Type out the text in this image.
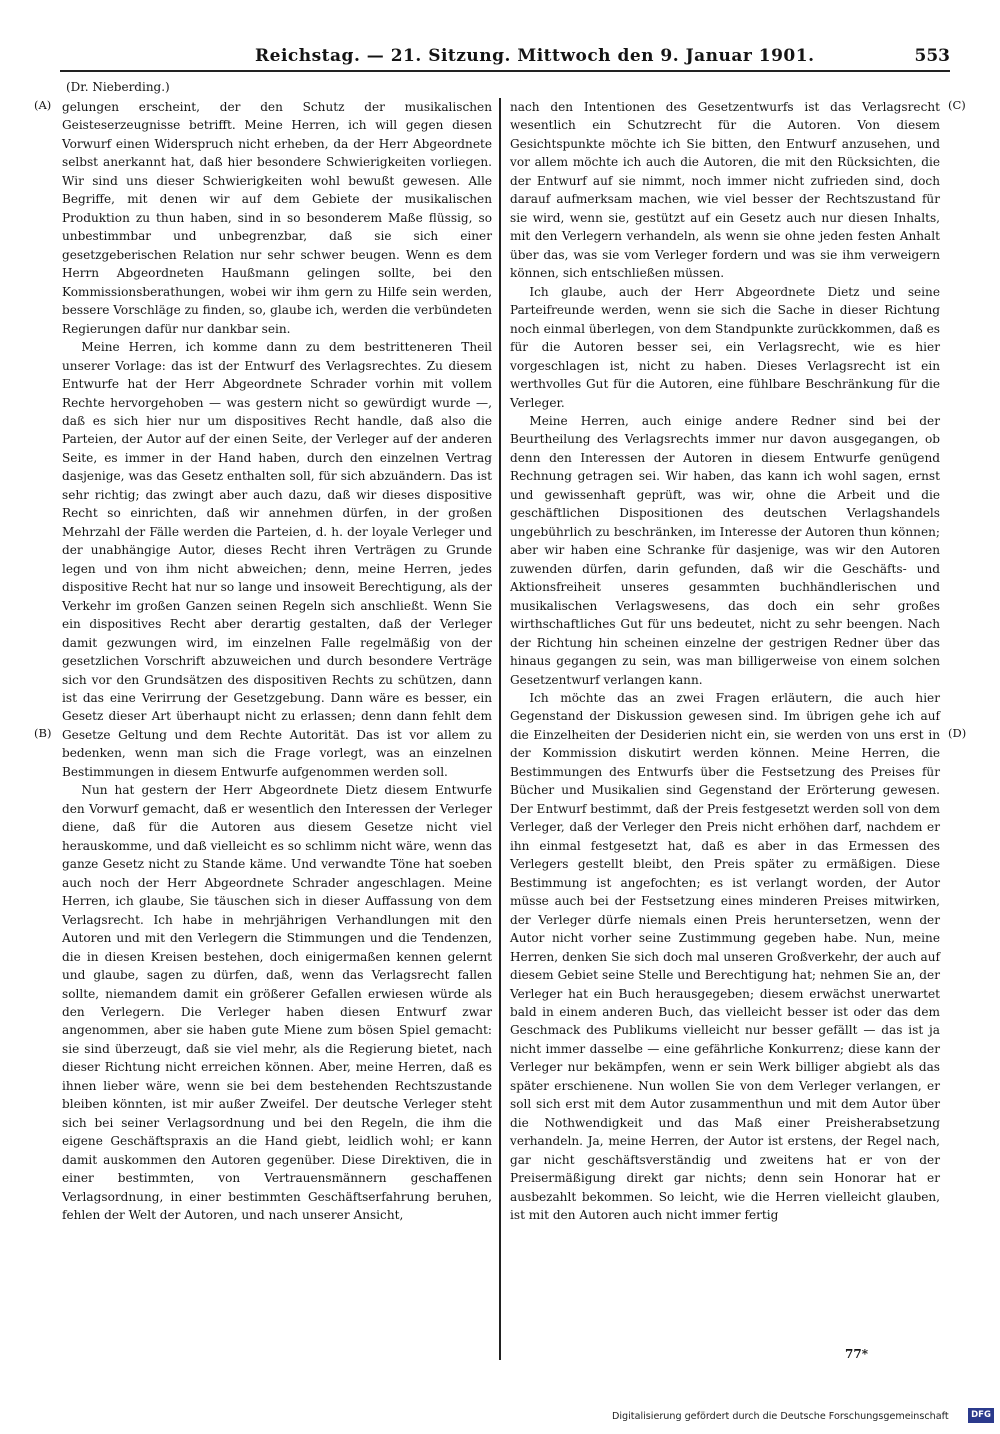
Reichstag. — 21. Sitzung. Mittwoch den 9. Januar 1901.	553
(Dr. Nieberding.)
(A)
(B)
(C)
(D)

gelungen erscheint, der den Schutz der musikalischen Geisteserzeugnisse betrifft. Meine Herren, ich will gegen diesen Vorwurf einen Widerspruch nicht erheben, da der Herr Abgeordnete selbst anerkannt hat, daß hier besondere Schwierigkeiten vorliegen. Wir sind uns dieser Schwierigkeiten wohl bewußt gewesen. Alle Begriffe, mit denen wir auf dem Gebiete der musikalischen Produktion zu thun haben, sind in so besonderem Maße flüssig, so unbestimmbar und unbegrenzbar, daß sie sich einer gesetzgeberischen Relation nur sehr schwer beugen. Wenn es dem Herrn Abgeordneten Haußmann gelingen sollte, bei den Kommissionsberathungen, wobei wir ihm gern zu Hilfe sein werden, bessere Vorschläge zu finden, so, glaube ich, werden die verbündeten Regierungen dafür nur dankbar sein.

Meine Herren, ich komme dann zu dem bestritteneren Theil unserer Vorlage: das ist der Entwurf des Verlagsrechtes. Zu diesem Entwurfe hat der Herr Abgeordnete Schrader vorhin mit vollem Rechte hervorgehoben — was gestern nicht so gewürdigt wurde —, daß es sich hier nur um dispositives Recht handle, daß also die Parteien, der Autor auf der einen Seite, der Verleger auf der anderen Seite, es immer in der Hand haben, durch den einzelnen Vertrag dasjenige, was das Gesetz enthalten soll, für sich abzuändern. Das ist sehr richtig; das zwingt aber auch dazu, daß wir dieses dispositive Recht so einrichten, daß wir annehmen dürfen, in der großen Mehrzahl der Fälle werden die Parteien, d. h. der loyale Verleger und der unabhängige Autor, dieses Recht ihren Verträgen zu Grunde legen und von ihm nicht abweichen; denn, meine Herren, jedes dispositive Recht hat nur so lange und insoweit Berechtigung, als der Verkehr im großen Ganzen seinen Regeln sich anschließt. Wenn Sie ein dispositives Recht aber derartig gestalten, daß der Verleger damit gezwungen wird, im einzelnen Falle regelmäßig von der gesetzlichen Vorschrift abzuweichen und durch besondere Verträge sich vor den Grundsätzen des dispositiven Rechts zu schützen, dann ist das eine Verirrung der Gesetzgebung. Dann wäre es besser, ein Gesetz dieser Art überhaupt nicht zu erlassen; denn dann fehlt dem Gesetze Geltung und dem Rechte Autorität. Das ist vor allem zu bedenken, wenn man sich die Frage vorlegt, was an einzelnen Bestimmungen in diesem Entwurfe aufgenommen werden soll.

Nun hat gestern der Herr Abgeordnete Dietz diesem Entwurfe den Vorwurf gemacht, daß er wesentlich den Interessen der Verleger diene, daß für die Autoren aus diesem Gesetze nicht viel herauskomme, und daß vielleicht es so schlimm nicht wäre, wenn das ganze Gesetz nicht zu Stande käme. Und verwandte Töne hat soeben auch noch der Herr Abgeordnete Schrader angeschlagen. Meine Herren, ich glaube, Sie täuschen sich in dieser Auffassung von dem Verlagsrecht. Ich habe in mehrjährigen Verhandlungen mit den Autoren und mit den Verlegern die Stimmungen und die Tendenzen, die in diesen Kreisen bestehen, doch einigermaßen kennen gelernt und glaube, sagen zu dürfen, daß, wenn das Verlagsrecht fallen sollte, niemandem damit ein größerer Gefallen erwiesen würde als den Verlegern. Die Verleger haben diesen Entwurf zwar angenommen, aber sie haben gute Miene zum bösen Spiel gemacht: sie sind überzeugt, daß sie viel mehr, als die Regierung bietet, nach dieser Richtung nicht erreichen können. Aber, meine Herren, daß es ihnen lieber wäre, wenn sie bei dem bestehenden Rechtszustande bleiben könnten, ist mir außer Zweifel. Der deutsche Verleger steht sich bei seiner Verlagsordnung und bei den Regeln, die ihm die eigene Geschäftspraxis an die Hand giebt, leidlich wohl; er kann damit auskommen den Autoren gegenüber. Diese Direktiven, die in einer bestimmten, von Vertrauensmännern geschaffenen Verlagsordnung, in einer bestimmten Geschäftserfahrung beruhen, fehlen der Welt der Autoren, und nach unserer Ansicht,

nach den Intentionen des Gesetzentwurfs ist das Verlagsrecht wesentlich ein Schutzrecht für die Autoren. Von diesem Gesichtspunkte möchte ich Sie bitten, den Entwurf anzusehen, und vor allem möchte ich auch die Autoren, die mit den Rücksichten, die der Entwurf auf sie nimmt, noch immer nicht zufrieden sind, doch darauf aufmerksam machen, wie viel besser der Rechtszustand für sie wird, wenn sie, gestützt auf ein Gesetz auch nur diesen Inhalts, mit den Verlegern verhandeln, als wenn sie ohne jeden festen Anhalt über das, was sie vom Verleger fordern und was sie ihm verweigern können, sich entschließen müssen.

Ich glaube, auch der Herr Abgeordnete Dietz und seine Parteifreunde werden, wenn sie sich die Sache in dieser Richtung noch einmal überlegen, von dem Standpunkte zurückkommen, daß es für die Autoren besser sei, ein Verlagsrecht, wie es hier vorgeschlagen ist, nicht zu haben. Dieses Verlagsrecht ist ein werthvolles Gut für die Autoren, eine fühlbare Beschränkung für die Verleger.

Meine Herren, auch einige andere Redner sind bei der Beurtheilung des Verlagsrechts immer nur davon ausgegangen, ob denn den Interessen der Autoren in diesem Entwurfe genügend Rechnung getragen sei. Wir haben, das kann ich wohl sagen, ernst und gewissenhaft geprüft, was wir, ohne die Arbeit und die geschäftlichen Dispositionen des deutschen Verlagshandels ungebührlich zu beschränken, im Interesse der Autoren thun können; aber wir haben eine Schranke für dasjenige, was wir den Autoren zuwenden dürfen, darin gefunden, daß wir die Geschäfts- und Aktionsfreiheit unseres gesammten buchhändlerischen und musikalischen Verlagswesens, das doch ein sehr großes wirthschaftliches Gut für uns bedeutet, nicht zu sehr beengen. Nach der Richtung hin scheinen einzelne der gestrigen Redner über das hinaus gegangen zu sein, was man billigerweise von einem solchen Gesetzentwurf verlangen kann.

Ich möchte das an zwei Fragen erläutern, die auch hier Gegenstand der Diskussion gewesen sind. Im übrigen gehe ich auf die Einzelheiten der Desiderien nicht ein, sie werden von uns erst in der Kommission diskutirt werden können. Meine Herren, die Bestimmungen des Entwurfs über die Festsetzung des Preises für Bücher und Musikalien sind Gegenstand der Erörterung gewesen. Der Entwurf bestimmt, daß der Preis festgesetzt werden soll von dem Verleger, daß der Verleger den Preis nicht erhöhen darf, nachdem er ihn einmal festgesetzt hat, daß es aber in das Ermessen des Verlegers gestellt bleibt, den Preis später zu ermäßigen. Diese Bestimmung ist angefochten; es ist verlangt worden, der Autor müsse auch bei der Festsetzung eines minderen Preises mitwirken, der Verleger dürfe niemals einen Preis heruntersetzen, wenn der Autor nicht vorher seine Zustimmung gegeben habe. Nun, meine Herren, denken Sie sich doch mal unseren Großverkehr, der auch auf diesem Gebiet seine Stelle und Berechtigung hat; nehmen Sie an, der Verleger hat ein Buch herausgegeben; diesem erwächst unerwartet bald in einem anderen Buch, das vielleicht besser ist oder das dem Geschmack des Publikums vielleicht nur besser gefällt — das ist ja nicht immer dasselbe — eine gefährliche Konkurrenz; diese kann der Verleger nur bekämpfen, wenn er sein Werk billiger abgiebt als das später erschienene. Nun wollen Sie von dem Verleger verlangen, er soll sich erst mit dem Autor zusammenthun und mit dem Autor über die Nothwendigkeit und das Maß einer Preisherabsetzung verhandeln. Ja, meine Herren, der Autor ist erstens, der Regel nach, gar nicht geschäftsverständig und zweitens hat er von der Preisermäßigung direkt gar nichts; denn sein Honorar hat er ausbezahlt bekommen. So leicht, wie die Herren vielleicht glauben, ist mit den Autoren auch nicht immer fertig

77*
Digitalisierung gefördert durch die Deutsche Forschungsgemeinschaft	DFG
